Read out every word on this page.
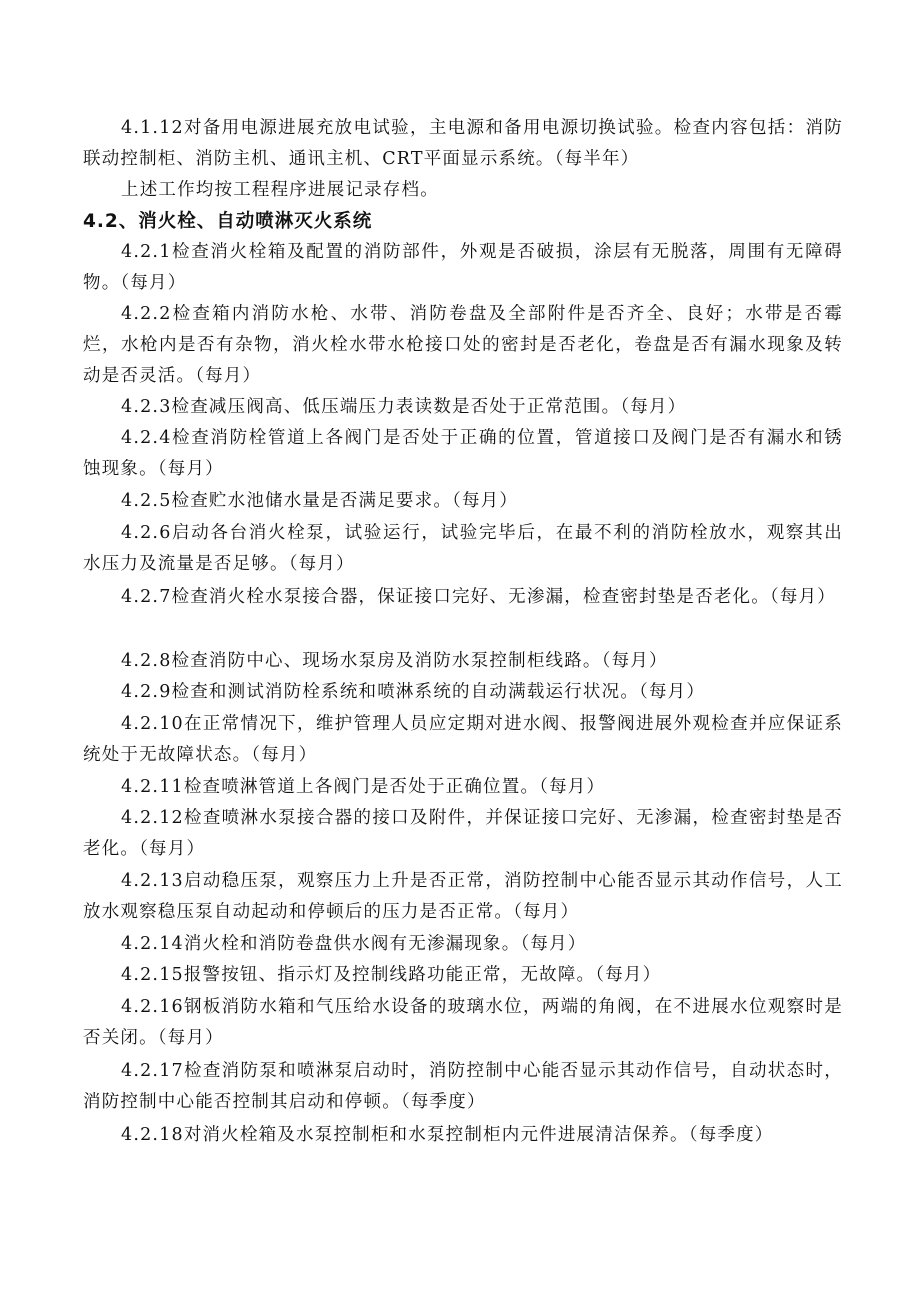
4.1.12对备用电源进展充放电试验，主电源和备用电源切换试验。检查内容包括：消防联动控制柜、消防主机、通讯主机、CRT平面显示系统。（每半年）

上述工作均按工程程序进展记录存档。

4.2、消火栓、自动喷淋灭火系统

4.2.1检查消火栓箱及配置的消防部件，外观是否破损，涂层有无脱落，周围有无障碍物。（每月）

4.2.2检查箱内消防水枪、水带、消防卷盘及全部附件是否齐全、良好；水带是否霉烂，水枪内是否有杂物，消火栓水带水枪接口处的密封是否老化，卷盘是否有漏水现象及转动是否灵活。（每月）

4.2.3检查减压阀高、低压端压力表读数是否处于正常范围。（每月）

4.2.4检查消防栓管道上各阀门是否处于正确的位置，管道接口及阀门是否有漏水和锈蚀现象。（每月）

4.2.5检查贮水池储水量是否满足要求。（每月）

4.2.6启动各台消火栓泵，试验运行，试验完毕后，在最不利的消防栓放水，观察其出水压力及流量是否足够。（每月）

4.2.7检查消火栓水泵接合器，保证接口完好、无渗漏，检查密封垫是否老化。（每月）

4.2.8检查消防中心、现场水泵房及消防水泵控制柜线路。（每月）

4.2.9检查和测试消防栓系统和喷淋系统的自动满载运行状况。（每月）

4.2.10在正常情况下，维护管理人员应定期对进水阀、报警阀进展外观检查并应保证系统处于无故障状态。（每月）

4.2.11检查喷淋管道上各阀门是否处于正确位置。（每月）

4.2.12检查喷淋水泵接合器的接口及附件，并保证接口完好、无渗漏，检查密封垫是否老化。（每月）

4.2.13启动稳压泵，观察压力上升是否正常，消防控制中心能否显示其动作信号，人工放水观察稳压泵自动起动和停顿后的压力是否正常。（每月）

4.2.14消火栓和消防卷盘供水阀有无渗漏现象。（每月）

4.2.15报警按钮、指示灯及控制线路功能正常，无故障。（每月）

4.2.16钢板消防水箱和气压给水设备的玻璃水位，两端的角阀，在不进展水位观察时是否关闭。（每月）

4.2.17检查消防泵和喷淋泵启动时，消防控制中心能否显示其动作信号，自动状态时，消防控制中心能否控制其启动和停顿。（每季度）

4.2.18对消火栓箱及水泵控制柜和水泵控制柜内元件进展清洁保养。（每季度）
